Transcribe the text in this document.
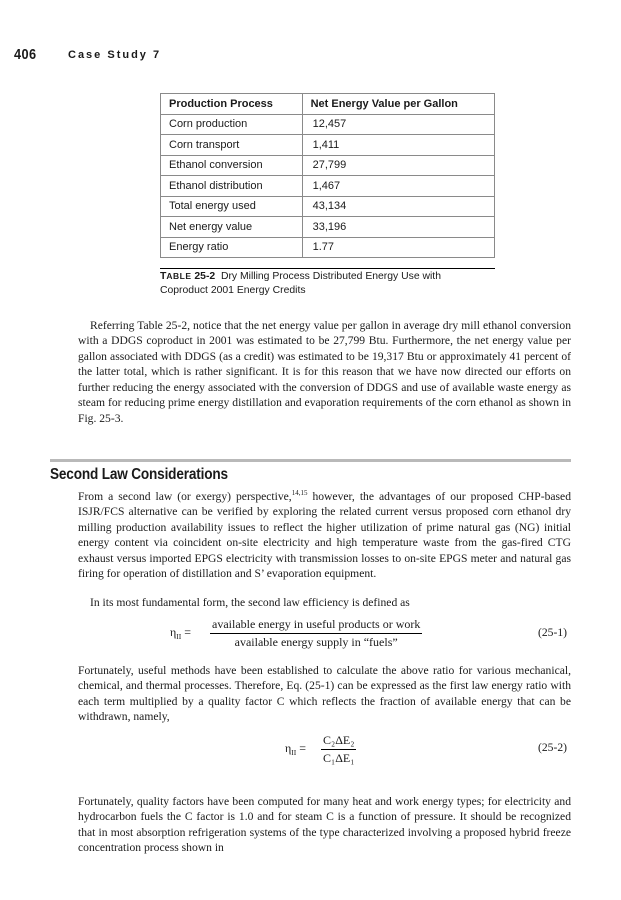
406	Case Study 7
Production Process	Net Energy Value per Gallon
Corn production	12,457
Corn transport	1,411
Ethanol conversion	27,799
Ethanol distribution	1,467
Total energy used	43,134
Net energy value	33,196
Energy ratio	1.77
TABLE 25-2 Dry Milling Process Distributed Energy Use with Coproduct 2001 Energy Credits

Referring Table 25-2, notice that the net energy value per gallon in average dry mill ethanol conversion with a DDGS coproduct in 2001 was estimated to be 27,799 Btu. Furthermore, the net energy value per gallon associated with DDGS (as a credit) was estimated to be 19,317 Btu or approximately 41 percent of the latter total, which is rather significant. It is for this reason that we have now directed our efforts on further reducing the energy associated with the conversion of DDGS and use of available waste energy as steam for reducing prime energy distillation and evaporation requirements of the corn ethanol as shown in Fig. 25-3.

Second Law Considerations

From a second law (or exergy) perspective,$^{14,15}$ however, the advantages of our proposed CHP-based ISJR/FCS alternative can be verified by exploring the related current versus proposed corn ethanol dry milling production availability issues to reflect the higher utilization of prime natural gas (NG) initial energy content via coincident on-site electricity and high temperature waste from the gas-fired CTG exhaust versus imported EPGS electricity with transmission losses to on-site EPGS meter and natural gas firing for operation of distillation and S’ evaporation equipment.

In its most fundamental form, the second law efficiency is defined as

$\eta_{II}$ =
available energy in useful products or work
available energy supply in “fuels”
(25-1)

Fortunately, useful methods have been established to calculate the above ratio for various mechanical, chemical, and thermal processes. Therefore, Eq. (25-1) can be expressed as the first law energy ratio with each term multiplied by a quality factor C which reflects the fraction of available energy that can be withdrawn, namely,

$\eta_{II} = \frac{\text{C₂ΔE₂}}{\text{C₁ΔE₁}}$	(25-2)

Fortunately, quality factors have been computed for many heat and work energy types; for electricity and hydrocarbon fuels the C factor is 1.0 and for steam C is a function of pressure. It should be recognized that in most absorption refrigeration systems of the type characterized involving a proposed hybrid freeze concentration process shown in
